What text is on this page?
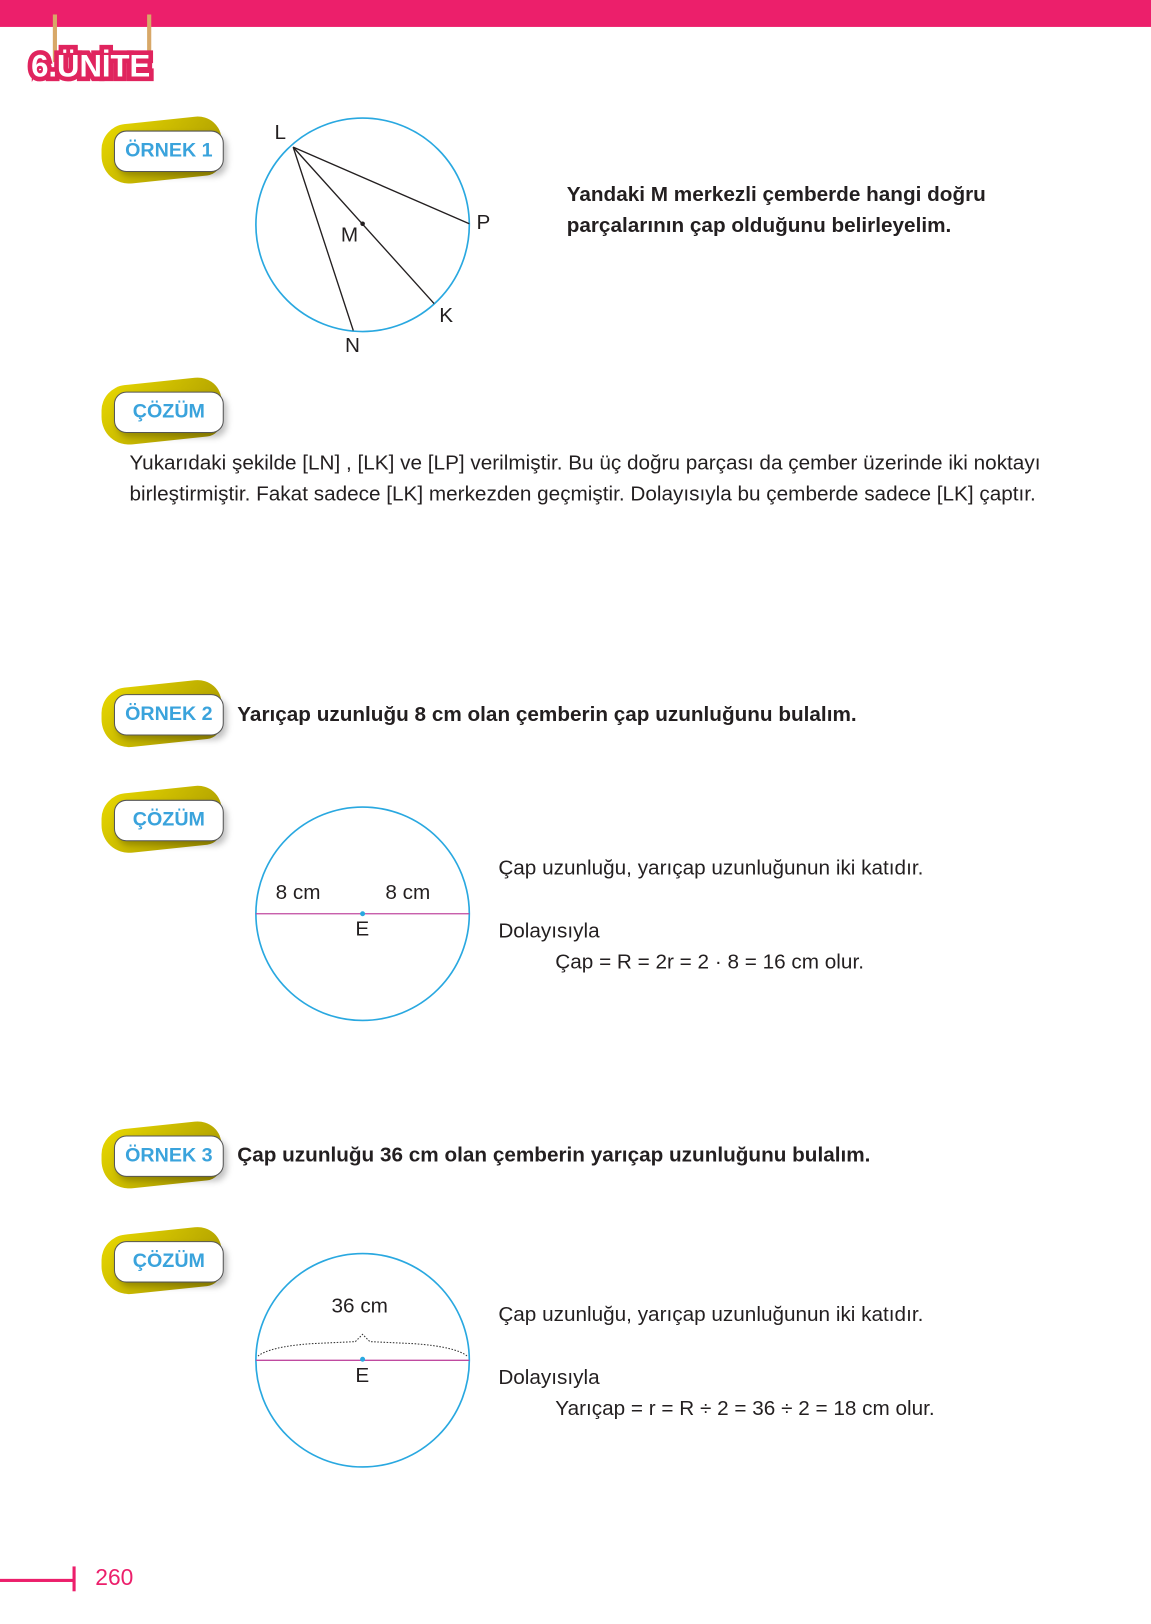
6.ÜNİTE
ÖRNEK 1
L
P
M
K
N
Yandaki M merkezli çemberde hangi doğru parçalarının çap olduğunu belirleyelim.
ÇÖZÜM
Yukarıdaki şekilde [LN] , [LK] ve [LP] verilmiştir. Bu üç doğru parçası da çember üzerinde iki noktayı birleştirmiştir. Fakat sadece [LK] merkezden geçmiştir. Dolayısıyla bu çemberde sadece [LK] çaptır.
ÖRNEK 2	Yarıçap uzunluğu 8 cm olan çemberin çap uzunluğunu bulalım.
ÇÖZÜM
8 cm	8 cm
E
Çap uzunluğu, yarıçap uzunluğunun iki katıdır.
Dolayısıyla
Çap = R = 2r = 2 · 8 = 16 cm olur.
ÖRNEK 3	Çap uzunluğu 36 cm olan çemberin yarıçap uzunluğunu bulalım.
ÇÖZÜM
36 cm
E
Çap uzunluğu, yarıçap uzunluğunun iki katıdır.
Dolayısıyla
Yarıçap = r = R ÷ 2 = 36 ÷ 2 = 18 cm olur.
260
